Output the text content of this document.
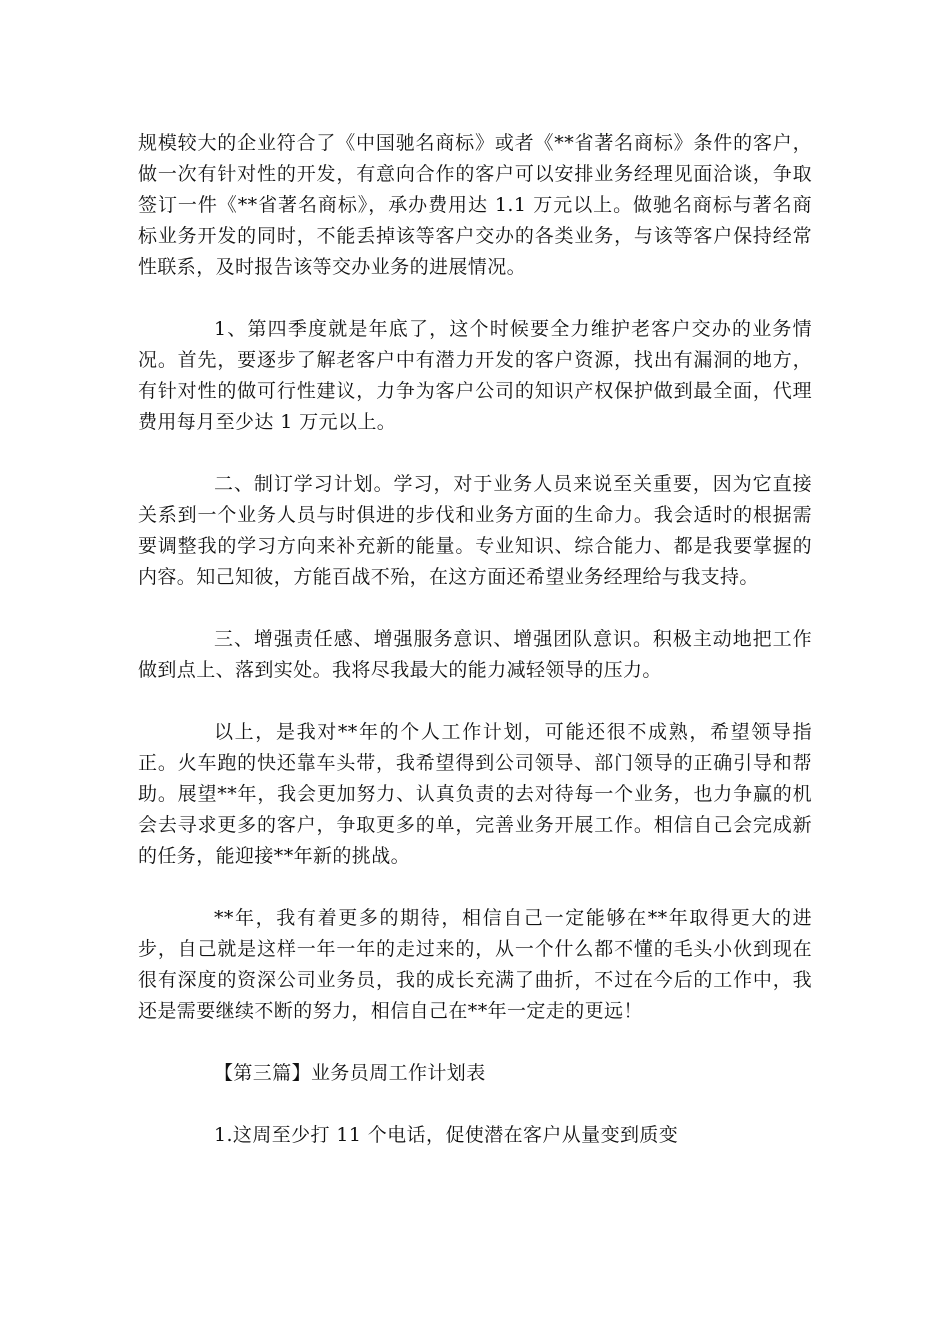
规模较大的企业符合了《中国驰名商标》或者《**省著名商标》条件的客户，做一次有针对性的开发，有意向合作的客户可以安排业务经理见面洽谈，争取签订一件《**省著名商标》，承办费用达 1.1 万元以上。做驰名商标与著名商标业务开发的同时，不能丢掉该等客户交办的各类业务，与该等客户保持经常性联系，及时报告该等交办业务的进展情况。

1、第四季度就是年底了，这个时候要全力维护老客户交办的业务情况。首先，要逐步了解老客户中有潜力开发的客户资源，找出有漏洞的地方，有针对性的做可行性建议，力争为客户公司的知识产权保护做到最全面，代理费用每月至少达 1 万元以上。

二、制订学习计划。学习，对于业务人员来说至关重要，因为它直接关系到一个业务人员与时俱进的步伐和业务方面的生命力。我会适时的根据需要调整我的学习方向来补充新的能量。专业知识、综合能力、都是我要掌握的内容。知己知彼，方能百战不殆，在这方面还希望业务经理给与我支持。

三、增强责任感、增强服务意识、增强团队意识。积极主动地把工作做到点上、落到实处。我将尽我最大的能力减轻领导的压力。

以上，是我对**年的个人工作计划，可能还很不成熟，希望领导指正。火车跑的快还靠车头带，我希望得到公司领导、部门领导的正确引导和帮助。展望**年，我会更加努力、认真负责的去对待每一个业务，也力争赢的机会去寻求更多的客户，争取更多的单，完善业务开展工作。相信自己会完成新的任务，能迎接**年新的挑战。

**年，我有着更多的期待，相信自己一定能够在**年取得更大的进步，自己就是这样一年一年的走过来的，从一个什么都不懂的毛头小伙到现在很有深度的资深公司业务员，我的成长充满了曲折，不过在今后的工作中，我还是需要继续不断的努力，相信自己在**年一定走的更远！

【第三篇】业务员周工作计划表

1.这周至少打 11 个电话，促使潜在客户从量变到质变
